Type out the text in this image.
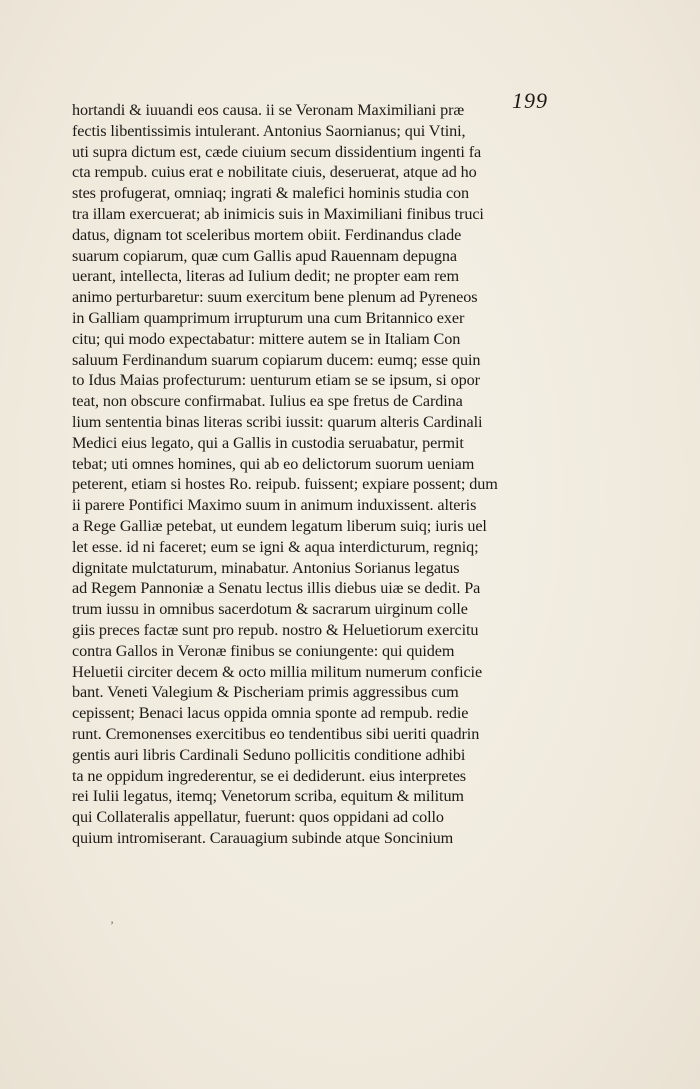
199
hortandi & iuuandi eos causa. ii se Veronam Maximiliani præ
fectis libentissimis intulerant. Antonius Saornianus; qui Vtini,
uti supra dictum est, cæde ciuium secum dissidentium ingenti fa
cta rempub. cuius erat e nobilitate ciuis, deseruerat, atque ad ho
stes profugerat, omniaq; ingrati & malefici hominis studia con
tra illam exercuerat; ab inimicis suis in Maximiliani finibus truci
datus, dignam tot sceleribus mortem obiit. Ferdinandus clade
suarum copiarum, quæ cum Gallis apud Rauennam depugna
uerant, intellecta, literas ad Iulium dedit; ne propter eam rem
animo perturbaretur: suum exercitum bene plenum ad Pyreneos
in Galliam quamprimum irrupturum una cum Britannico exer
citu; qui modo expectabatur: mittere autem se in Italiam Con
saluum Ferdinandum suarum copiarum ducem: eumq; esse quin
to Idus Maias profecturum: uenturum etiam se se ipsum, si opor
teat, non obscure confirmabat. Iulius ea spe fretus de Cardina
lium sententia binas literas scribi iussit: quarum alteris Cardinali
Medici eius legato, qui a Gallis in custodia seruabatur, permit
tebat; uti omnes homines, qui ab eo delictorum suorum ueniam
peterent, etiam si hostes Ro. reipub. fuissent; expiare possent; dum
ii parere Pontifici Maximo suum in animum induxissent. alteris
a Rege Galliæ petebat, ut eundem legatum liberum suiq; iuris uel
let esse. id ni faceret; eum se igni & aqua interdicturum, regniq;
dignitate mulctaturum, minabatur. Antonius Sorianus legatus
ad Regem Pannoniæ a Senatu lectus illis diebus uiæ se dedit. Pa
trum iussu in omnibus sacerdotum & sacrarum uirginum colle
giis preces factæ sunt pro repub. nostro & Heluetiorum exercitu
contra Gallos in Veronæ finibus se coniungente: qui quidem
Heluetii circiter decem & octo millia militum numerum conficie
bant. Veneti Valegium & Pischeriam primis aggressibus cum
cepissent; Benaci lacus oppida omnia sponte ad rempub. redie
runt. Cremonenses exercitibus eo tendentibus sibi ueriti quadrin
gentis auri libris Cardinali Seduno pollicitis conditione adhibi
ta ne oppidum ingrederentur, se ei dediderunt. eius interpretes
rei Iulii legatus, itemq; Venetorum scriba, equitum & militum
qui Collateralis appellatur, fuerunt: quos oppidani ad collo
quium intromiserant. Carauagium subinde atque Soncinium
’
